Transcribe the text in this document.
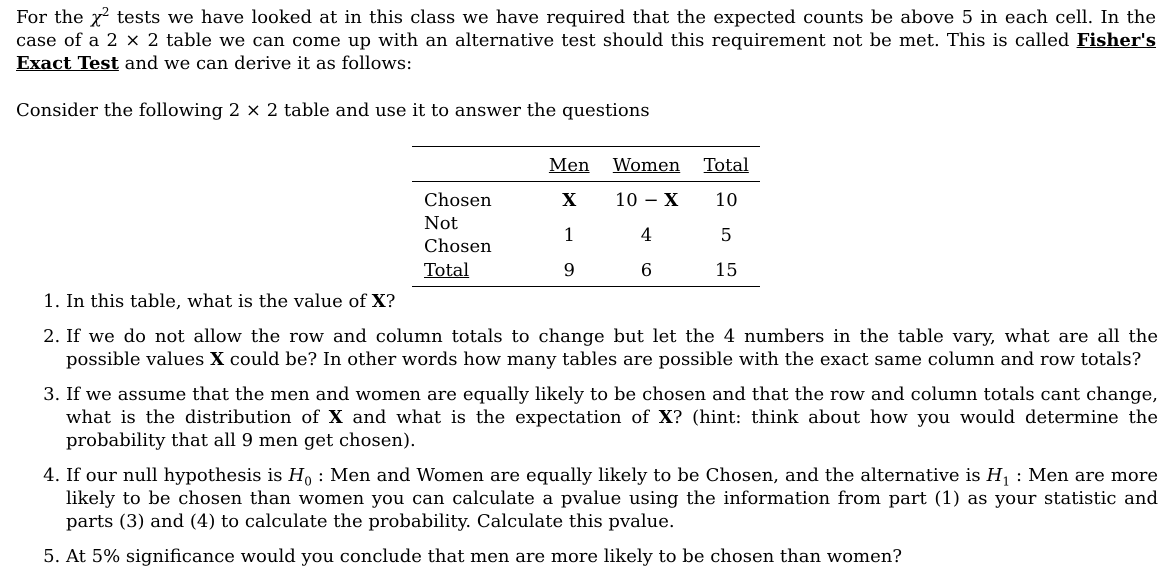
For the $\chi^2$ tests we have looked at in this class we have required that the expected counts be above 5 in each cell. In the case of a 2 × 2 table we can come up with an alternative test should this requirement not be met. This is called Fisher's Exact Test and we can derive it as follows:

Consider the following 2 × 2 table and use it to answer the questions

	Men	Women	Total
Chosen	X	10 − X	10
Not Chosen	1	4	5
Total	9	6	15
1. In this table, what is the value of X?
2. If we do not allow the row and column totals to change but let the 4 numbers in the table vary, what are all the possible values X could be? In other words how many tables are possible with the exact same column and row totals?
3. If we assume that the men and women are equally likely to be chosen and that the row and column totals cant change, what is the distribution of X and what is the expectation of X? (hint: think about how you would determine the probability that all 9 men get chosen).
4. If our null hypothesis is $H_0$ : Men and Women are equally likely to be Chosen, and the alternative is $H_1$ : Men are more likely to be chosen than women you can calculate a pvalue using the information from part (1) as your statistic and parts (3) and (4) to calculate the probability. Calculate this pvalue.
5. At 5% significance would you conclude that men are more likely to be chosen than women?
